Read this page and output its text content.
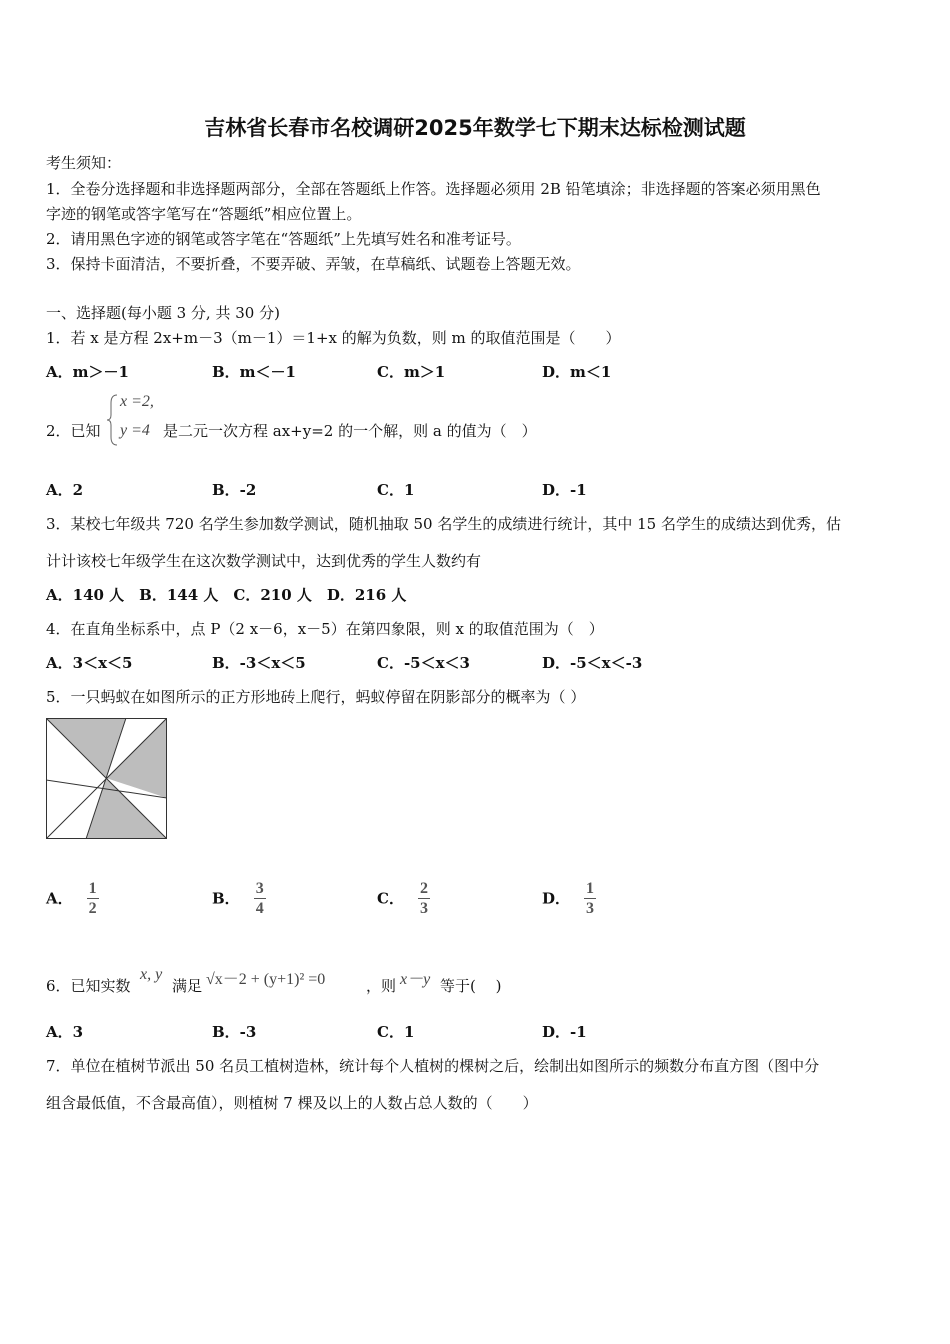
吉林省长春市名校调研2025年数学七下期末达标检测试题
考生须知：
1．全卷分选择题和非选择题两部分，全部在答题纸上作答。选择题必须用 2B 铅笔填涂；非选择题的答案必须用黑色
字迹的钢笔或答字笔写在“答题纸”相应位置上。
2．请用黑色字迹的钢笔或答字笔在“答题纸”上先填写姓名和准考证号。
3．保持卡面清洁，不要折叠，不要弄破、弄皱，在草稿纸、试题卷上答题无效。
一、选择题(每小题 3 分, 共 30 分)
1．若 x 是方程 2x+m－3（m－1）＝1+x 的解为负数，则 m 的取值范围是（　　）
A．m＞－1	B．m＜－1	C．m＞1	D．m＜1
2．已知
x =2,
y =4 是二元一次方程 ax+y=2 的一个解，则 a 的值为（　）
A．2	B．-2	C．1	D．-1
3．某校七年级共 720 名学生参加数学测试，随机抽取 50 名学生的成绩进行统计，其中 15 名学生的成绩达到优秀，估
计计该校七年级学生在这次数学测试中，达到优秀的学生人数约有
A．140 人　B．144 人　C．210 人　D．216 人
4．在直角坐标系中，点 P（2 x－6，x－5）在第四象限，则 x 的取值范围为（　）
A．3＜x＜5	B．-3＜x＜5	C．-5＜x＜3	D．-5＜x＜-3
5．一只蚂蚁在如图所示的正方形地砖上爬行，蚂蚁停留在阴影部分的概率为（ ）
A． $\frac{1}{2}$	B． $\frac{3}{4}$	C． $\frac{2}{3}$	D． $\frac{1}{3}$
6．已知实数
x, y
满足 √x－2 + (y+1)² =0	，则 x－y 等于(　 )
A．3	B．-3	C．1	D．-1
7．单位在植树节派出 50 名员工植树造林，统计每个人植树的棵树之后，绘制出如图所示的频数分布直方图（图中分
组含最低值，不含最高值），则植树 7 棵及以上的人数占总人数的（　　）
